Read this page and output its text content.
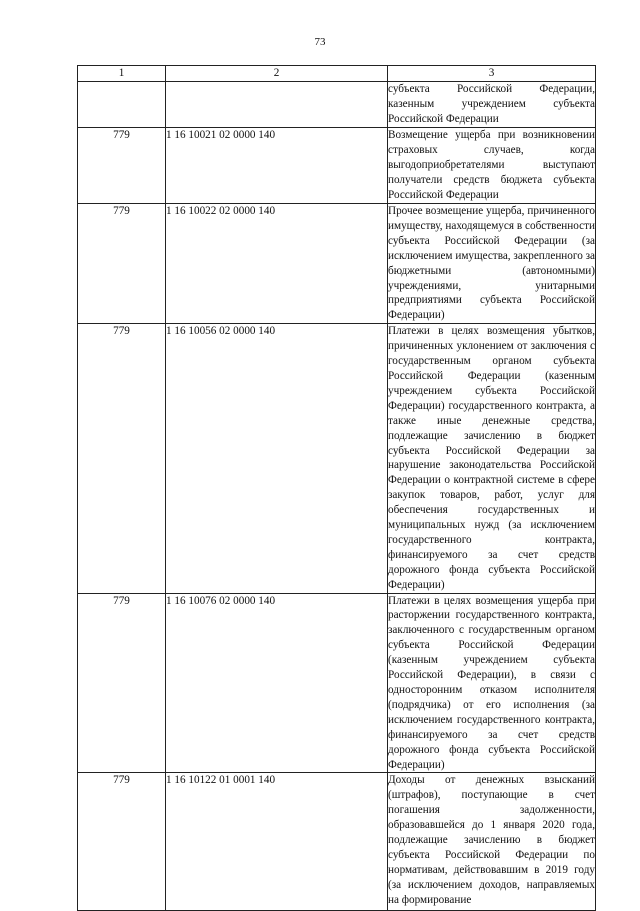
73
1	2	3
		субъекта Российской Федерации, казенным учреждением субъекта Российской Федерации
779	1 16 10021 02 0000 140	Возмещение ущерба при возникновении страховых случаев, когда выгодоприобретателями выступают получатели средств бюджета субъекта Российской Федерации
779	1 16 10022 02 0000 140	Прочее возмещение ущерба, причиненного имуществу, находящемуся в собственности субъекта Российской Федерации (за исключением имущества, закрепленного за бюджетными (автономными) учреждениями, унитарными предприятиями субъекта Российской Федерации)
779	1 16 10056 02 0000 140	Платежи в целях возмещения убытков, причиненных уклонением от заключения с государственным органом субъекта Российской Федерации (казенным учреждением субъекта Российской Федерации) государственного контракта, а также иные денежные средства, подлежащие зачислению в бюджет субъекта Российской Федерации за нарушение законодательства Российской Федерации о контрактной системе в сфере закупок товаров, работ, услуг для обеспечения государственных и муниципальных нужд (за исключением государственного контракта, финансируемого за счет средств дорожного фонда субъекта Российской Федерации)
779	1 16 10076 02 0000 140	Платежи в целях возмещения ущерба при расторжении государственного контракта, заключенного с государственным органом субъекта Российской Федерации (казенным учреждением субъекта Российской Федерации), в связи с односторонним отказом исполнителя (подрядчика) от его исполнения (за исключением государственного контракта, финансируемого за счет средств дорожного фонда субъекта Российской Федерации)
779	1 16 10122 01 0001 140	Доходы от денежных взысканий (штрафов), поступающие в счет погашения задолженности, образовавшейся до 1 января 2020 года, подлежащие зачислению в бюджет субъекта Российской Федерации по нормативам, действовавшим в 2019 году (за исключением доходов, направляемых на формирование
